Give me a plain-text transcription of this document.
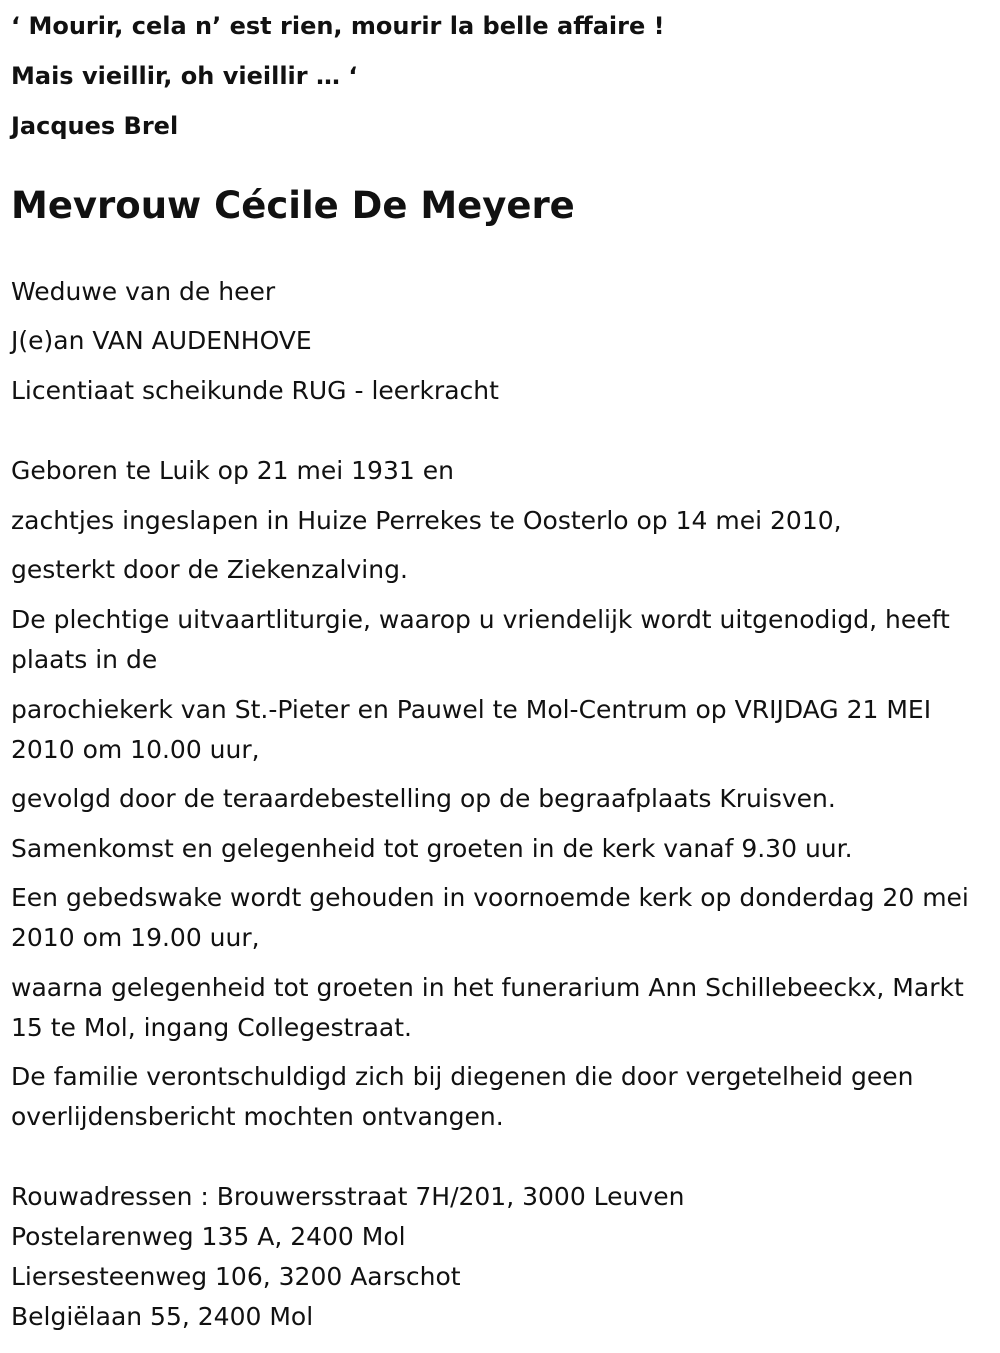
‘ Mourir, cela n’ est rien, mourir la belle affaire !

Mais vieillir, oh vieillir … ‘

Jacques Brel

Mevrouw Cécile De Meyere

Weduwe van de heer

J(e)an VAN AUDENHOVE

Licentiaat scheikunde RUG - leerkracht

Geboren te Luik op 21 mei 1931 en

zachtjes ingeslapen in Huize Perrekes te Oosterlo op 14 mei 2010,

gesterkt door de Ziekenzalving.

De plechtige uitvaartliturgie, waarop u vriendelijk wordt uitgenodigd, heeft plaats in de

parochiekerk van St.-Pieter en Pauwel te Mol-Centrum op VRIJDAG 21 MEI 2010 om 10.00 uur,

gevolgd door de teraardebestelling op de begraafplaats Kruisven.

Samenkomst en gelegenheid tot groeten in de kerk vanaf 9.30 uur.

Een gebedswake wordt gehouden in voornoemde kerk op donderdag 20 mei 2010 om 19.00 uur,

waarna gelegenheid tot groeten in het funerarium Ann Schillebeeckx, Markt 15 te Mol, ingang Collegestraat.

De familie verontschuldigd zich bij diegenen die door vergetelheid geen overlijdensbericht mochten ontvangen.

Rouwadressen : Brouwersstraat 7H/201, 3000 Leuven

Postelarenweg 135 A, 2400 Mol

Liersesteenweg 106, 3200 Aarschot

Belgiëlaan 55, 2400 Mol
